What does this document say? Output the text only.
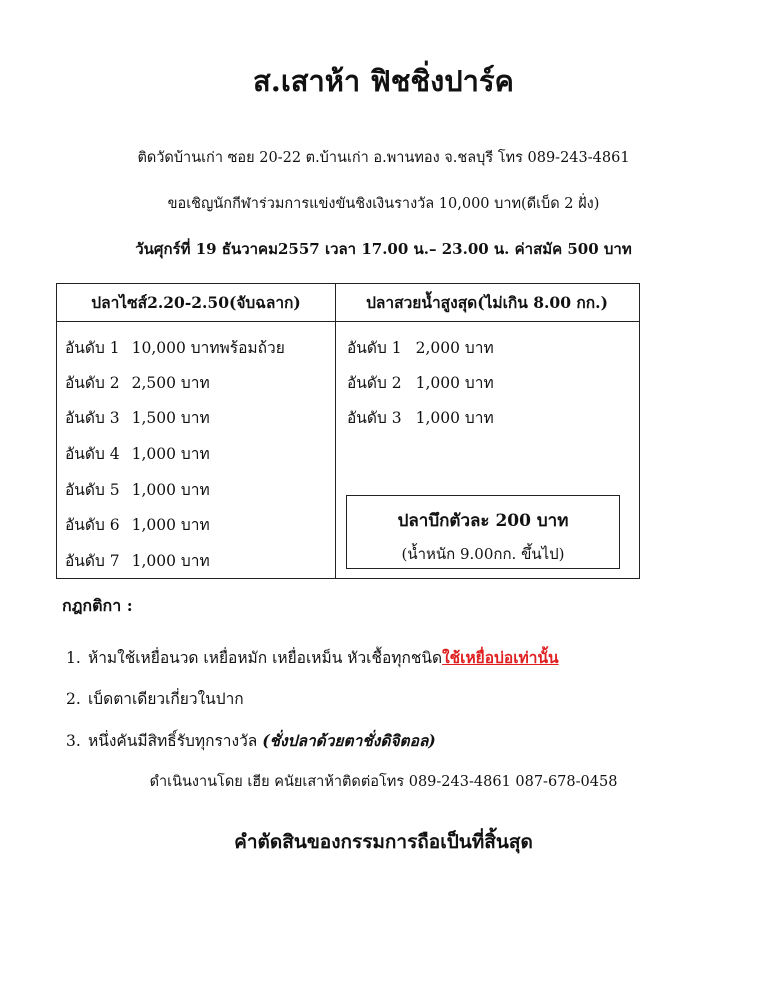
ส.เสาห้า ฟิชชิ่งปาร์ค
ติดวัดบ้านเก่า ซอย 20-22 ต.บ้านเก่า อ.พานทอง จ.ชลบุรี โทร 089-243-4861
ขอเชิญนักกีฬาร่วมการแข่งขันชิงเงินรางวัล 10,000 บาท(ดีเบ็ด 2 ฝั่ง)
วันศุกร์ที่ 19 ธันวาคม2557 เวลา 17.00 น.– 23.00 น. ค่าสมัค 500 บาท
ปลาไซส์2.20-2.50(จับฉลาก)	ปลาสวยน้ำสูงสุด(ไม่เกิน 8.00 กก.)
อันดับ 1 10,000 บาทพร้อมถ้วย
อันดับ 2 2,500 บาท
อันดับ 3 1,500 บาท
อันดับ 4 1,000 บาท
อันดับ 5 1,000 บาท
อันดับ 6 1,000 บาท
อันดับ 7 1,000 บาท
อันดับ 1 2,000 บาท
อันดับ 2 1,000 บาท
อันดับ 3 1,000 บาท
ปลาบึกตัวละ 200 บาท
(น้ำหนัก 9.00กก. ขึ้นไป)
กฎกติกา :
1. ห้ามใช้เหยื่อนวด เหยื่อหมัก เหยื่อเหม็น หัวเชื้อทุกชนิดใช้เหยื่อบ่อเท่านั้น
2. เบ็ดตาเดียวเกี่ยวในปาก
3. หนึ่งคันมีสิทธิ์รับทุกรางวัล (ชั่งปลาด้วยตาชั่งดิจิตอล)
ดำเนินงานโดย เฮีย คนัยเสาห้าติดต่อโทร 089-243-4861 087-678-0458
คำตัดสินของกรรมการถือเป็นที่สิ้นสุด
